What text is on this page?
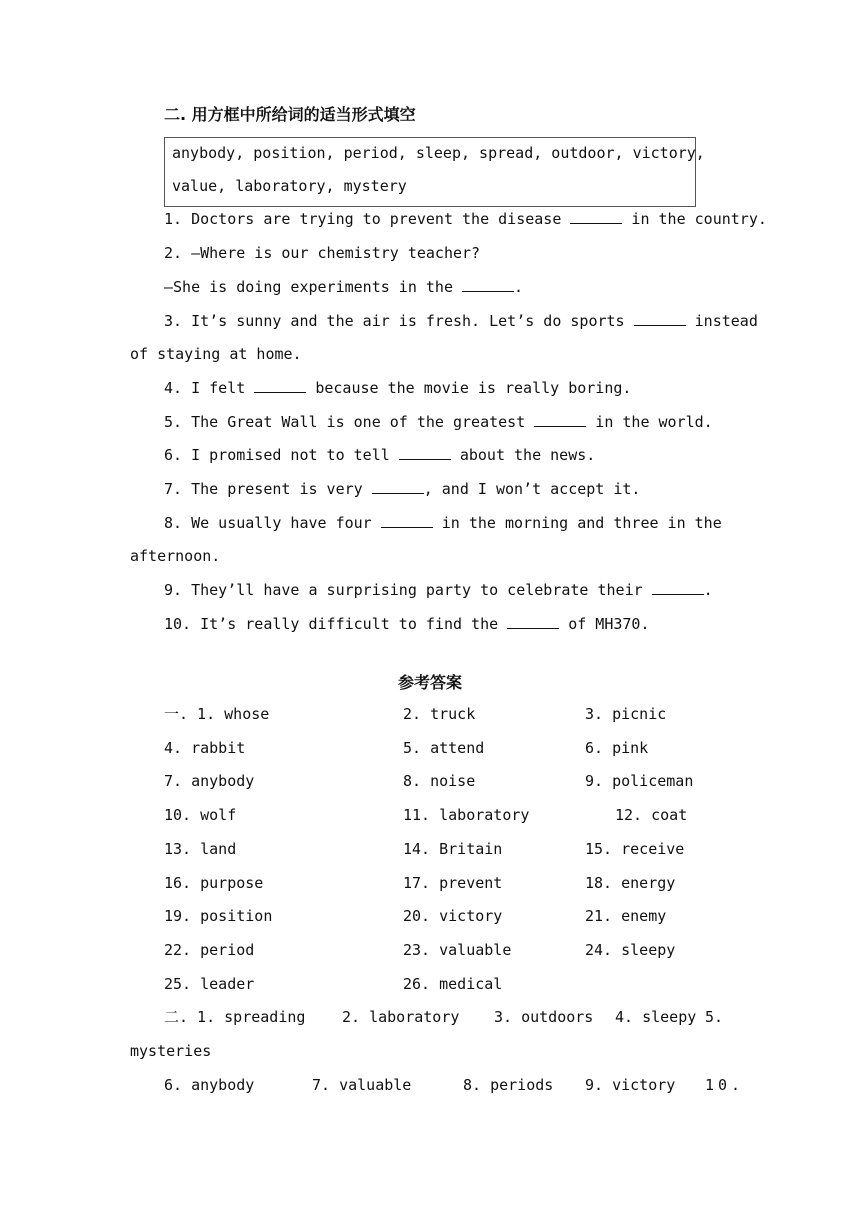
二. 用方框中所给词的适当形式填空
anybody, position, period, sleep, spread, outdoor, victory,
value, laboratory, mystery
1. Doctors are trying to prevent the disease	in the country.
2. —Where is our chemistry teacher?
—She is doing experiments in the	.
3. It’s sunny and the air is fresh. Let’s do sports	instead
of staying at home.
4. I felt	because the movie is really boring.
5. The Great Wall is one of the greatest	in the world.
6. I promised not to tell	about the news.
7. The present is very	, and I won’t accept it.
8. We usually have four	in the morning and three in the
afternoon.
9. They’ll have a surprising party to celebrate their	.
10. It’s really difficult to find the	of MH370.
参考答案
一. 1. whose	2. truck	3. picnic
4. rabbit	5. attend	6. pink
7. anybody	8. noise	9. policeman
10. wolf	11. laboratory	12. coat
13. land	14. Britain	15. receive
16. purpose	17. prevent	18. energy
19. position	20. victory	21. enemy
22. period	23. valuable	24. sleepy
25. leader	26. medical
二. 1. spreading 2. laboratory 3. outdoors 4. sleepy 5.
mysteries
6. anybody	7. valuable	8. periods 9. victory 10.
